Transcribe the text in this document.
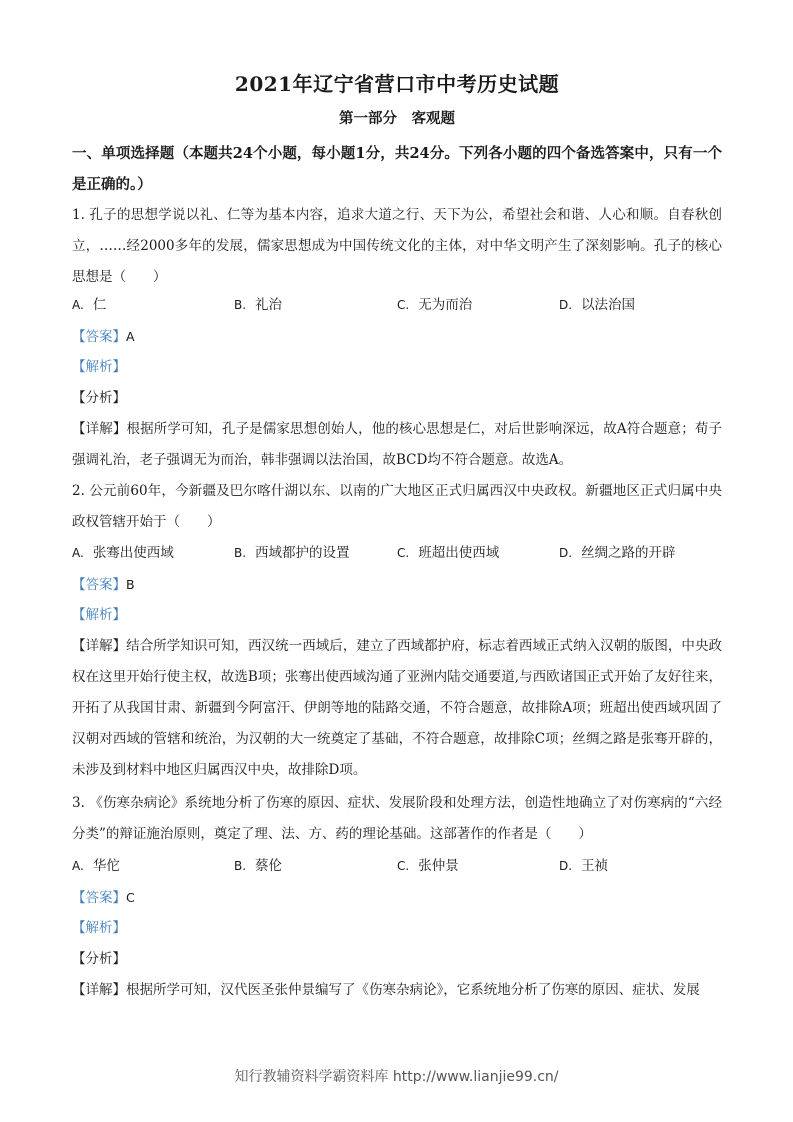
2021年辽宁省营口市中考历史试题
第一部分　客观题
一、单项选择题（本题共24个小题，每小题1分，共24分。下列各小题的四个备选答案中，只有一个是正确的。）
1. 孔子的思想学说以礼、仁等为基本内容，追求大道之行、天下为公，希望社会和谐、人心和顺。自春秋创立，……经2000多年的发展，儒家思想成为中国传统文化的主体，对中华文明产生了深刻影响。孔子的核心思想是（　　）
A. 仁	B. 礼治	C. 无为而治	D. 以法治国
【答案】A
【解析】
【分析】
【详解】根据所学可知，孔子是儒家思想创始人，他的核心思想是仁，对后世影响深远，故A符合题意；荀子强调礼治，老子强调无为而治，韩非强调以法治国，故BCD均不符合题意。故选A。
2. 公元前60年，今新疆及巴尔喀什湖以东、以南的广大地区正式归属西汉中央政权。新疆地区正式归属中央政权管辖开始于（　　）
A. 张骞出使西域	B. 西域都护的设置	C. 班超出使西域	D. 丝绸之路的开辟
【答案】B
【解析】
【详解】结合所学知识可知，西汉统一西域后，建立了西域都护府，标志着西域正式纳入汉朝的版图，中央政权在这里开始行使主权，故选B项；张骞出使西域沟通了亚洲内陆交通要道,与西欧诸国正式开始了友好往来，开拓了从我国甘肃、新疆到今阿富汗、伊朗等地的陆路交通，不符合题意，故排除A项；班超出使西域巩固了汉朝对西域的管辖和统治，为汉朝的大一统奠定了基础，不符合题意，故排除C项；丝绸之路是张骞开辟的，未涉及到材料中地区归属西汉中央，故排除D项。
3. 《伤寒杂病论》系统地分析了伤寒的原因、症状、发展阶段和处理方法，创造性地确立了对伤寒病的“六经分类”的辩证施治原则，奠定了理、法、方、药的理论基础。这部著作的作者是（　　）
A. 华佗	B. 蔡伦	C. 张仲景	D. 王祯
【答案】C
【解析】
【分析】
【详解】根据所学可知，汉代医圣张仲景编写了《伤寒杂病论》，它系统地分析了伤寒的原因、症状、发展
知行教辅资料学霸资料库 http://www.lianjie99.cn/
